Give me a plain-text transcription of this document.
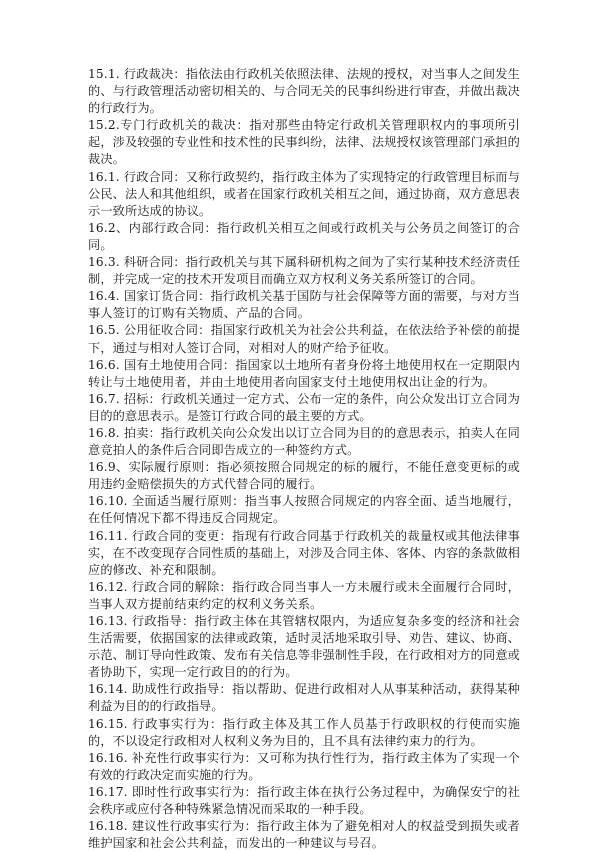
15.1. 行政裁决：指依法由行政机关依照法律、法规的授权，对当事人之间发生的、与行政管理活动密切相关的、与合同无关的民事纠纷进行审查，并做出裁决的行政行为。

15.2.专门行政机关的裁决：指对那些由特定行政机关管理职权内的事项所引起，涉及较强的专业性和技术性的民事纠纷，法律、法规授权该管理部门承担的裁决。

16.1. 行政合同：又称行政契约，指行政主体为了实现特定的行政管理目标而与公民、法人和其他组织，或者在国家行政机关相互之间，通过协商，双方意思表示一致所达成的协议。

16.2、内部行政合同：指行政机关相互之间或行政机关与公务员之间签订的合同。

16.3. 科研合同：指行政机关与其下属科研机构之间为了实行某种技术经济责任制，并完成一定的技术开发项目而确立双方权利义务关系所签订的合同。

16.4. 国家订货合同：指行政机关基于国防与社会保障等方面的需要，与对方当事人签订的订购有关物质、产品的合同。

16.5. 公用征收合同：指国家行政机关为社会公共利益，在依法给予补偿的前提下，通过与相对人签订合同，对相对人的财产给予征收。

16.6. 国有土地使用合同：指国家以土地所有者身份将土地使用权在一定期限内转让与土地使用者，并由土地使用者向国家支付土地使用权出让金的行为。

16.7. 招标：行政机关通过一定方式、公布一定的条件，向公众发出订立合同为目的的意思表示。是签订行政合同的最主要的方式。

16.8. 拍卖：指行政机关向公众发出以订立合同为目的的意思表示，拍卖人在同意竞拍人的条件后合同即告成立的一种签约方式。

16.9、实际履行原则：指必须按照合同规定的标的履行，不能任意变更标的或用违约金赔偿损失的方式代替合同的履行。

16.10. 全面适当履行原则：指当事人按照合同规定的内容全面、适当地履行，在任何情况下都不得违反合同规定。

16.11. 行政合同的变更：指现有行政合同基于行政机关的裁量权或其他法律事实，在不改变现存合同性质的基础上，对涉及合同主体、客体、内容的条款做相应的修改、补充和限制。

16.12. 行政合同的解除：指行政合同当事人一方未履行或未全面履行合同时，当事人双方提前结束约定的权利义务关系。

16.13. 行政指导：指行政主体在其管辖权限内，为适应复杂多变的经济和社会生活需要，依据国家的法律或政策，适时灵活地采取引导、劝告、建议、协商、示范、制订导向性政策、发布有关信息等非强制性手段，在行政相对方的同意或者协助下，实现一定行政目的的行为。

16.14. 助成性行政指导：指以帮助、促进行政相对人从事某种活动，获得某种利益为目的的行政指导。

16.15. 行政事实行为：指行政主体及其工作人员基于行政职权的行使而实施的，不以设定行政相对人权利义务为目的，且不具有法律约束力的行为。

16.16. 补充性行政事实行为：又可称为执行性行为，指行政主体为了实现一个有效的行政决定而实施的行为。

16.17. 即时性行政事实行为：指行政主体在执行公务过程中，为确保安宁的社会秩序或应付各种特殊紧急情况而采取的一种手段。

16.18. 建议性行政事实行为：指行政主体为了避免相对人的权益受到损失或者维护国家和社会公共利益，而发出的一种建议与号召。
